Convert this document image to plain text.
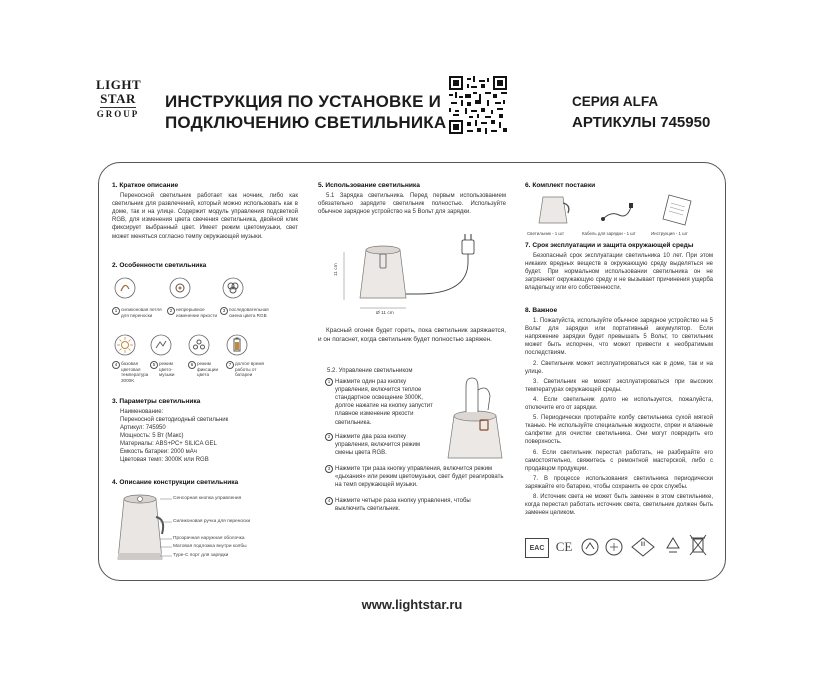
LIGHT
STAR
GROUP
ИНСТРУКЦИЯ ПО УСТАНОВКЕ И
ПОДКЛЮЧЕНИЮ СВЕТИЛЬНИКА
СЕРИЯ ALFA
АРТИКУЛЫ 745950
1. Краткое описание

Переносной светильник работает как ночник, либо как светильник для развлечений, который можно использовать как в доме, так и на улице. Содержит модуль управления подсветкой RGB, для изменения цвета свечения светильника, двойной клик фиксирует выбранный цвет. Имеет режим цветомузыки, свет может меняться согласно темпу окружающей музыки.

2. Особенности светильника
1 силиконовая петля для переноски
2 непрерывное изменение яркости
3 последовательная смена цвета RGB
4 базовая цветовая температура 3000K
5 режим цвето-музыки
6 режим фиксации цвета
7 долгое время работы от батареи
3. Параметры светильника
Наименование:
Переносной светодиодный светильник
Артикул: 745950
Мощность: 5 Вт (Макс)
Материалы: ABS+PC+ SILICA GEL
Емкость батареи: 2000 мАч
Цветовая темп: 3000K или RGB
4. Описание конструкции светильника
Сенсорная кнопка управления
Силиконовая ручка для переноски
Прозрачная наружная оболочка
Матовая подложка внутри колбы
Type-C порт для зарядки
5. Использование светильника

5.1 Зарядка светильника. Перед первым использованием обязательно зарядите светильник полностью. Используйте обычное зарядное устройство на 5 Вольт для зарядки.

11 cm
Ø 11 cm

Красный огонек будет гореть, пока светильник заряжается, и он погаснет, когда светильник будет полностью заряжен.

5.2. Управление светильником
1 Нажмите один раз кнопку управления, включится теплое стандартное освещение 3000К, долгое нажатие на кнопку запустит плавное изменение яркости светильника.
2 Нажмите два раза кнопку управления, включится режим смены цвета RGB.
3 Нажмите три раза кнопку управления, включится режим «дыхания» или режим цветомузыки, свет будет реагировать на темп окружающей музыки.
4 Нажмите четыре раза кнопку управления, чтобы выключить светильник.
6. Комплект поставки
Светильник - 1 шт	Кабель для зарядки - 1 шт	Инструкция - 1 шт
7. Срок эксплуатации и защита окружающей среды

Безопасный срок эксплуатации светильника 10 лет. При этом никаких вредных веществ в окружающую среду выделяться не будет. При нормальном использовании светильника он не загрязняет окружающую среду и не вызывает причинения ущерба владельцу или его собственности.

8. Важное

1. Пожалуйста, используйте обычное зарядное устройство на 5 Вольт для зарядки или портативный аккумулятор. Если напряжение зарядки будет превышать 5 Вольт, то светильник может быть испорчен, что может привести к необратимым последствиям.

2. Светильник может эксплуатироваться как в доме, так и на улице.

3. Светильник не может эксплуатироваться при высоких температурах окружающей среды.

4. Если светильник долго не используется, пожалуйста, отключите его от зарядки.

5. Периодически протирайте колбу светильника сухой мягкой тканью. Не используйте специальные жидкости, спреи и влажные салфетки для очистки светильника. Они могут повредить его поверхность.

6. Если светильник перестал работать, не разбирайте его самостоятельно, свяжитесь с ремонтной мастерской, либо с продавцом продукции.

7. В процессе использования светильника периодически заряжайте его батарею, чтобы сохранить ее срок службы.

8. Источник света не может быть заменен в этом светильнике, когда перестал работать источник света, светильник должен быть заменен целиком.

EAC CE	III
www.lightstar.ru
